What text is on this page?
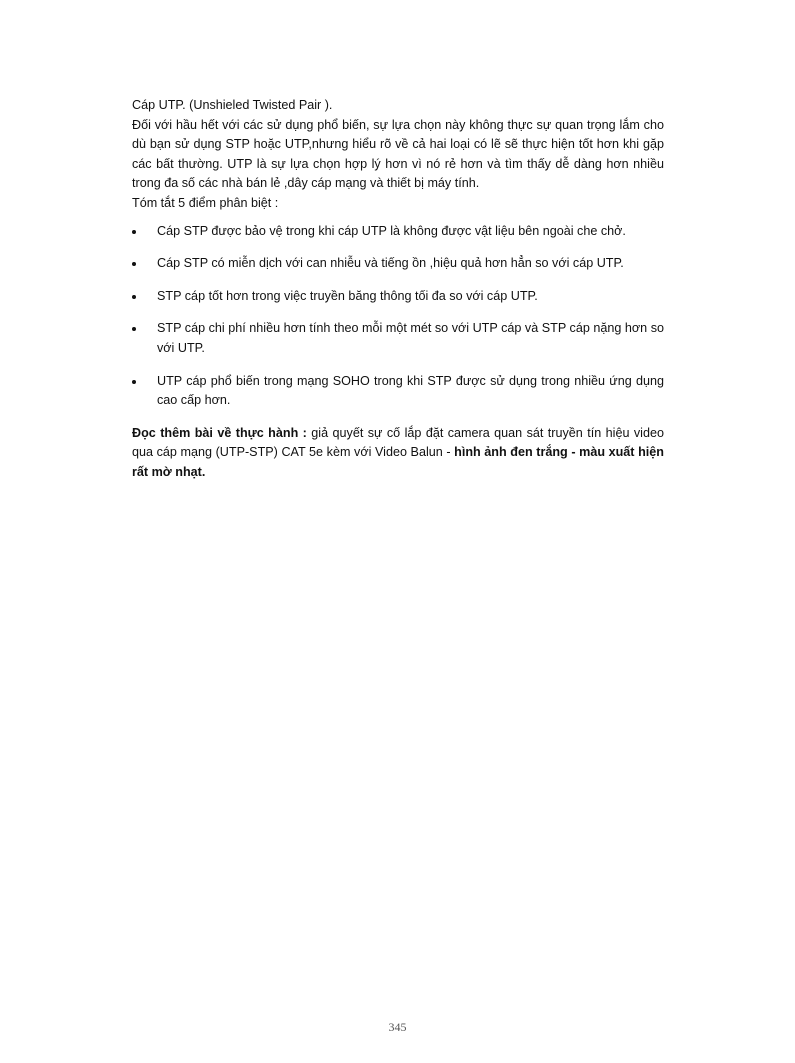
Cáp UTP. (Unshieled Twisted Pair ).

Đối với hầu hết với các sử dụng phổ biến, sự lựa chọn này không thực sự quan trọng lắm cho dù bạn sử dụng STP hoặc UTP,nhưng hiểu rõ về cả hai loại có lẽ sẽ thực hiện tốt hơn khi gặp các bất thường. UTP là sự lựa chọn hợp lý hơn vì nó rẻ hơn và tìm thấy dễ dàng hơn nhiều trong đa số các nhà bán lẻ ,dây cáp mạng và thiết bị máy tính.

Tóm tắt 5 điểm phân biệt :

Cáp STP được bảo vệ trong khi cáp UTP là không được vật liệu bên ngoài che chở.
Cáp STP có miễn dịch với can nhiễu và tiếng ồn ,hiệu quả hơn hẳn so với cáp UTP.
STP cáp tốt hơn trong việc truyền băng thông tối đa so với cáp UTP.
STP cáp chi phí nhiều hơn tính theo mỗi một mét so với UTP cáp và STP cáp nặng hơn so với UTP.
UTP cáp phổ biến trong mạng SOHO trong khi STP được sử dụng trong nhiều ứng dụng cao cấp hơn.

Đọc thêm bài về thực hành : giả quyết sự cố lắp đặt camera quan sát truyền tín hiệu video qua cáp mạng (UTP-STP) CAT 5e kèm với Video Balun - hình ảnh đen trắng - màu xuất hiện rất mờ nhạt.

345
